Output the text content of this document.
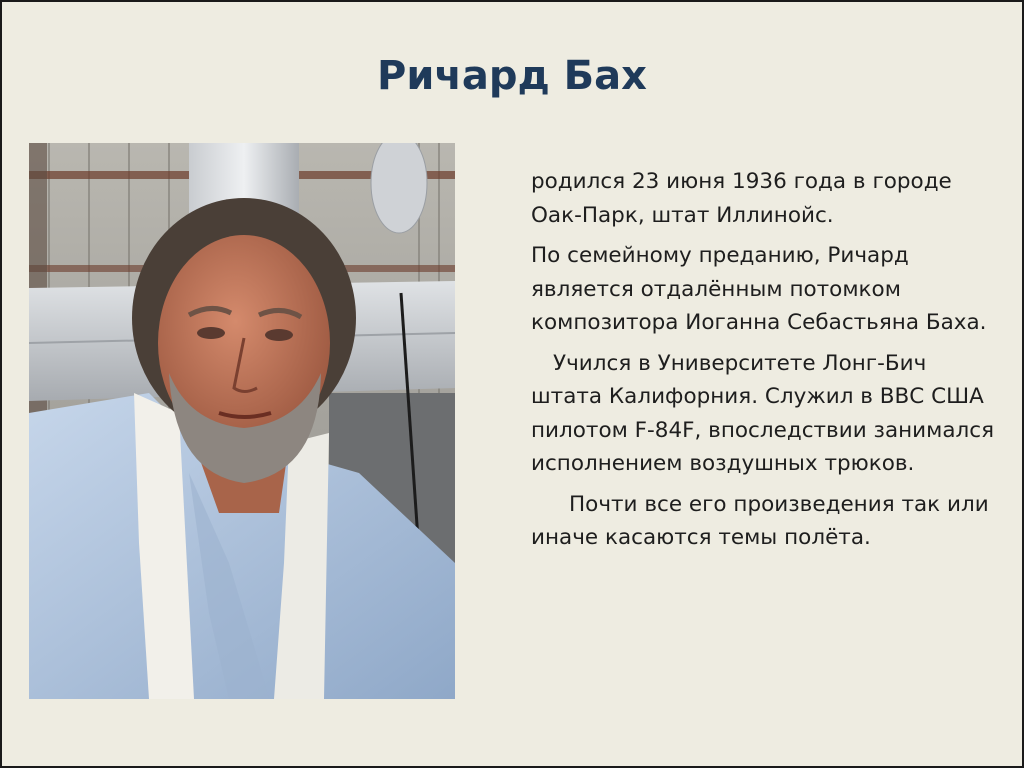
Ричард Бах

родился 23 июня 1936 года в городе Оак-Парк, штат Иллинойс.

По семейному преданию, Ричард является отдалённым потомком композитора Иоганна Себастьяна Баха.

Учился в Университете Лонг-Бич штата Калифорния. Служил в ВВС США пилотом F-84F, впоследствии занимался исполнением воздушных трюков.

Почти все его произведения так или иначе касаются темы полёта.
